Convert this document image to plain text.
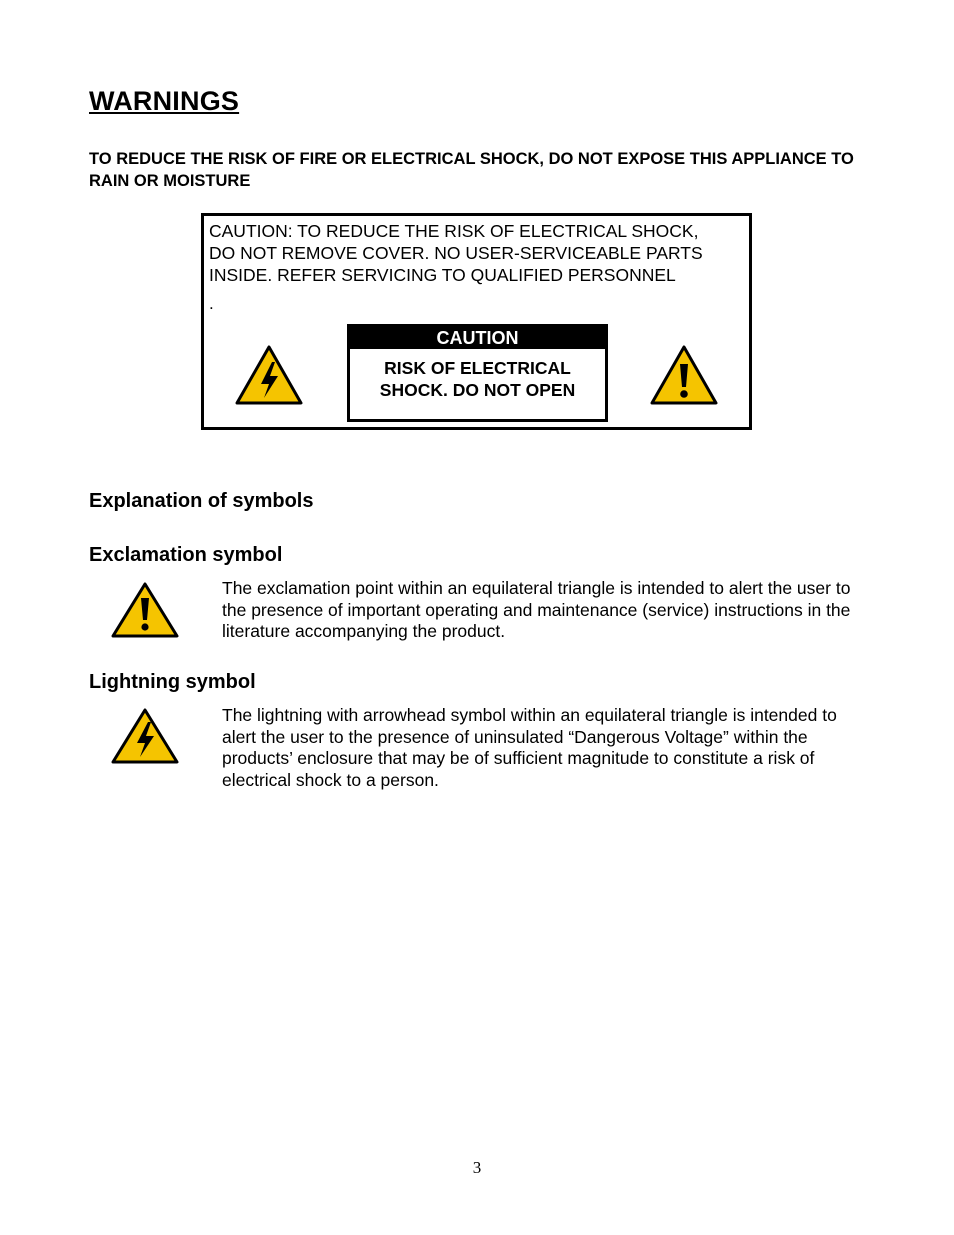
WARNINGS

TO REDUCE THE RISK OF FIRE OR ELECTRICAL SHOCK, DO NOT EXPOSE THIS APPLIANCE TO RAIN OR MOISTURE

CAUTION: TO REDUCE THE RISK OF ELECTRICAL SHOCK,
DO NOT REMOVE COVER. NO USER-SERVICEABLE PARTS
INSIDE. REFER SERVICING TO QUALIFIED PERSONNEL

.
CAUTION
RISK OF ELECTRICAL
SHOCK. DO NOT OPEN
Explanation of symbols
Exclamation symbol

The exclamation point within an equilateral triangle is intended to alert the user to the presence of important operating and maintenance (service) instructions in the literature accompanying the product.

Lightning symbol

The lightning with arrowhead symbol within an equilateral triangle is intended to alert the user to the presence of uninsulated “Dangerous Voltage” within the products’ enclosure that may be of sufficient magnitude to constitute a risk of electrical shock to a person.

3
